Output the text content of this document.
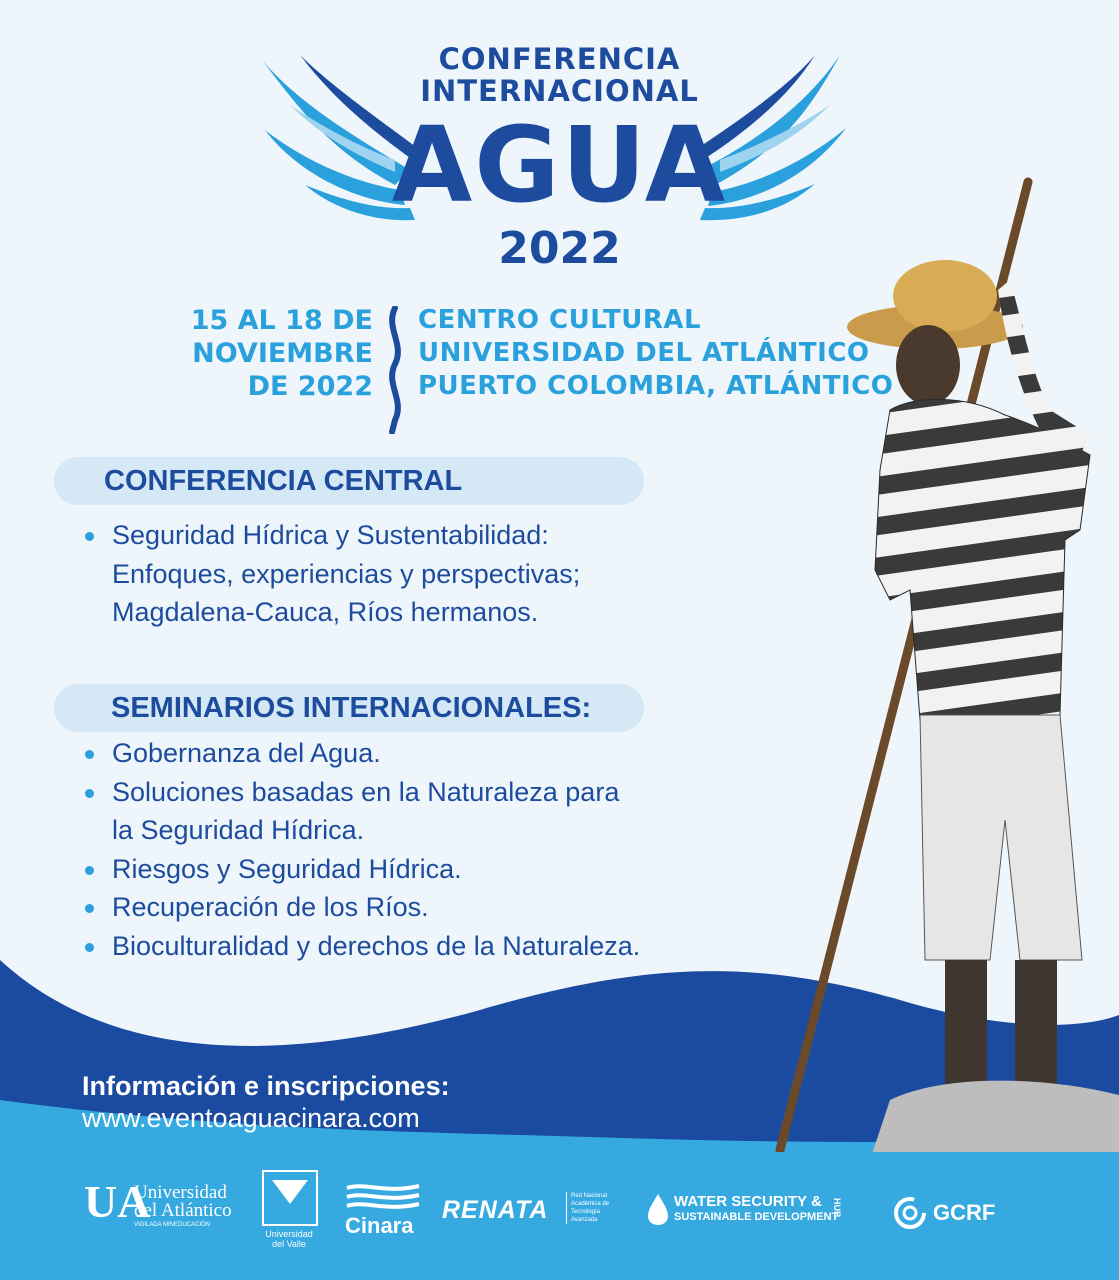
CONFERENCIA
INTERNACIONAL
AGUA
2022
15 AL 18 DE
NOVIEMBRE
DE 2022
CENTRO CULTURAL
UNIVERSIDAD DEL ATLÁNTICO
PUERTO COLOMBIA, ATLÁNTICO
CONFERENCIA CENTRAL
Seguridad Hídrica y Sustentabilidad:
Enfoques, experiencias y perspectivas;
Magdalena-Cauca, Ríos hermanos.
SEMINARIOS INTERNACIONALES:
Gobernanza del Agua.
Soluciones basadas en la Naturaleza para
la Seguridad Hídrica.
Riesgos y Seguridad Hídrica.
Recuperación de los Ríos.
Bioculturalidad y derechos de la Naturaleza.
Información e inscripciones:
www.eventoaguacinara.com
UA
Universidad
del Atlántico
VIGILADA MINEDUCACIÓN
Universidad del Valle
Cinara
RENATA	Red Nacional Académica de Tecnología Avanzada
WATER SECURITY &
SUSTAINABLE DEVELOPMENT
HUB	GCRF
